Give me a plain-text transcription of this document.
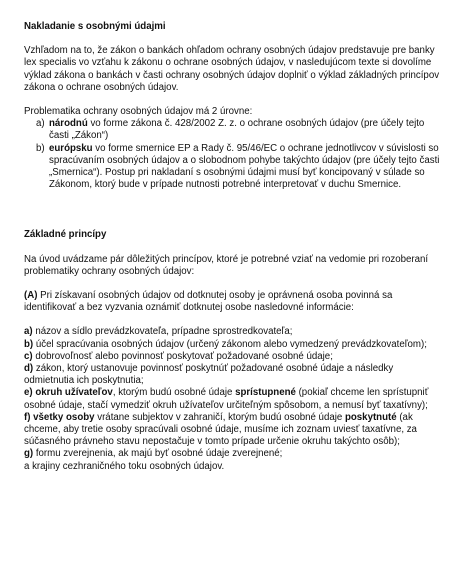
Nakladanie s osobnými údajmi

Vzhľadom na to, že zákon o bankách ohľadom ochrany osobných údajov predstavuje pre banky lex specialis vo vzťahu k zákonu o ochrane osobných údajov, v nasledujúcom texte si dovolíme výklad zákona o bankách v časti ochrany osobných údajov doplniť o výklad základných princípov zákona o ochrane osobných údajov.

Problematika ochrany osobných údajov má 2 úrovne:

a) národnú vo forme zákona č. 428/2002 Z. z. o ochrane osobných údajov (pre účely tejto časti „Zákon“)
b) európsku vo forme smernice EP a Rady č. 95/46/EC o ochrane jednotlivcov v súvislosti so spracúvaním osobných údajov a o slobodnom pohybe takýchto údajov (pre účely tejto časti „Smernica“). Postup pri nakladaní s osobnými údajmi musí byť koncipovaný v súlade so Zákonom, ktorý bude v prípade nutnosti potrebné interpretovať v duchu Smernice.

Základné princípy

Na úvod uvádzame pár dôležitých princípov, ktoré je potrebné vziať na vedomie pri rozoberaní problematiky ochrany osobných údajov:

(A) Pri získavaní osobných údajov od dotknutej osoby je oprávnená osoba povinná sa identifikovať a bez vyzvania oznámiť dotknutej osobe nasledovné informácie:

a) názov a sídlo prevádzkovateľa, prípadne sprostredkovateľa;

b) účel spracúvania osobných údajov (určený zákonom alebo vymedzený prevádzkovateľom);

c) dobrovoľnosť alebo povinnosť poskytovať požadované osobné údaje;

d) zákon, ktorý ustanovuje povinnosť poskytnúť požadované osobné údaje a následky odmietnutia ich poskytnutia;

e) okruh užívateľov, ktorým budú osobné údaje sprístupnené (pokiaľ chceme len sprístupniť osobné údaje, stačí vymedziť okruh užívateľov určiteľným spôsobom, a nemusí byť taxatívny);

f) všetky osoby vrátane subjektov v zahraničí, ktorým budú osobné údaje poskytnuté (ak chceme, aby tretie osoby spracúvali osobné údaje, musíme ich zoznam uviesť taxatívne, za súčasného právneho stavu nepostačuje v tomto prípade určenie okruhu takýchto osôb);

g) formu zverejnenia, ak majú byť osobné údaje zverejnené;

a krajiny cezhraničného toku osobných údajov.
